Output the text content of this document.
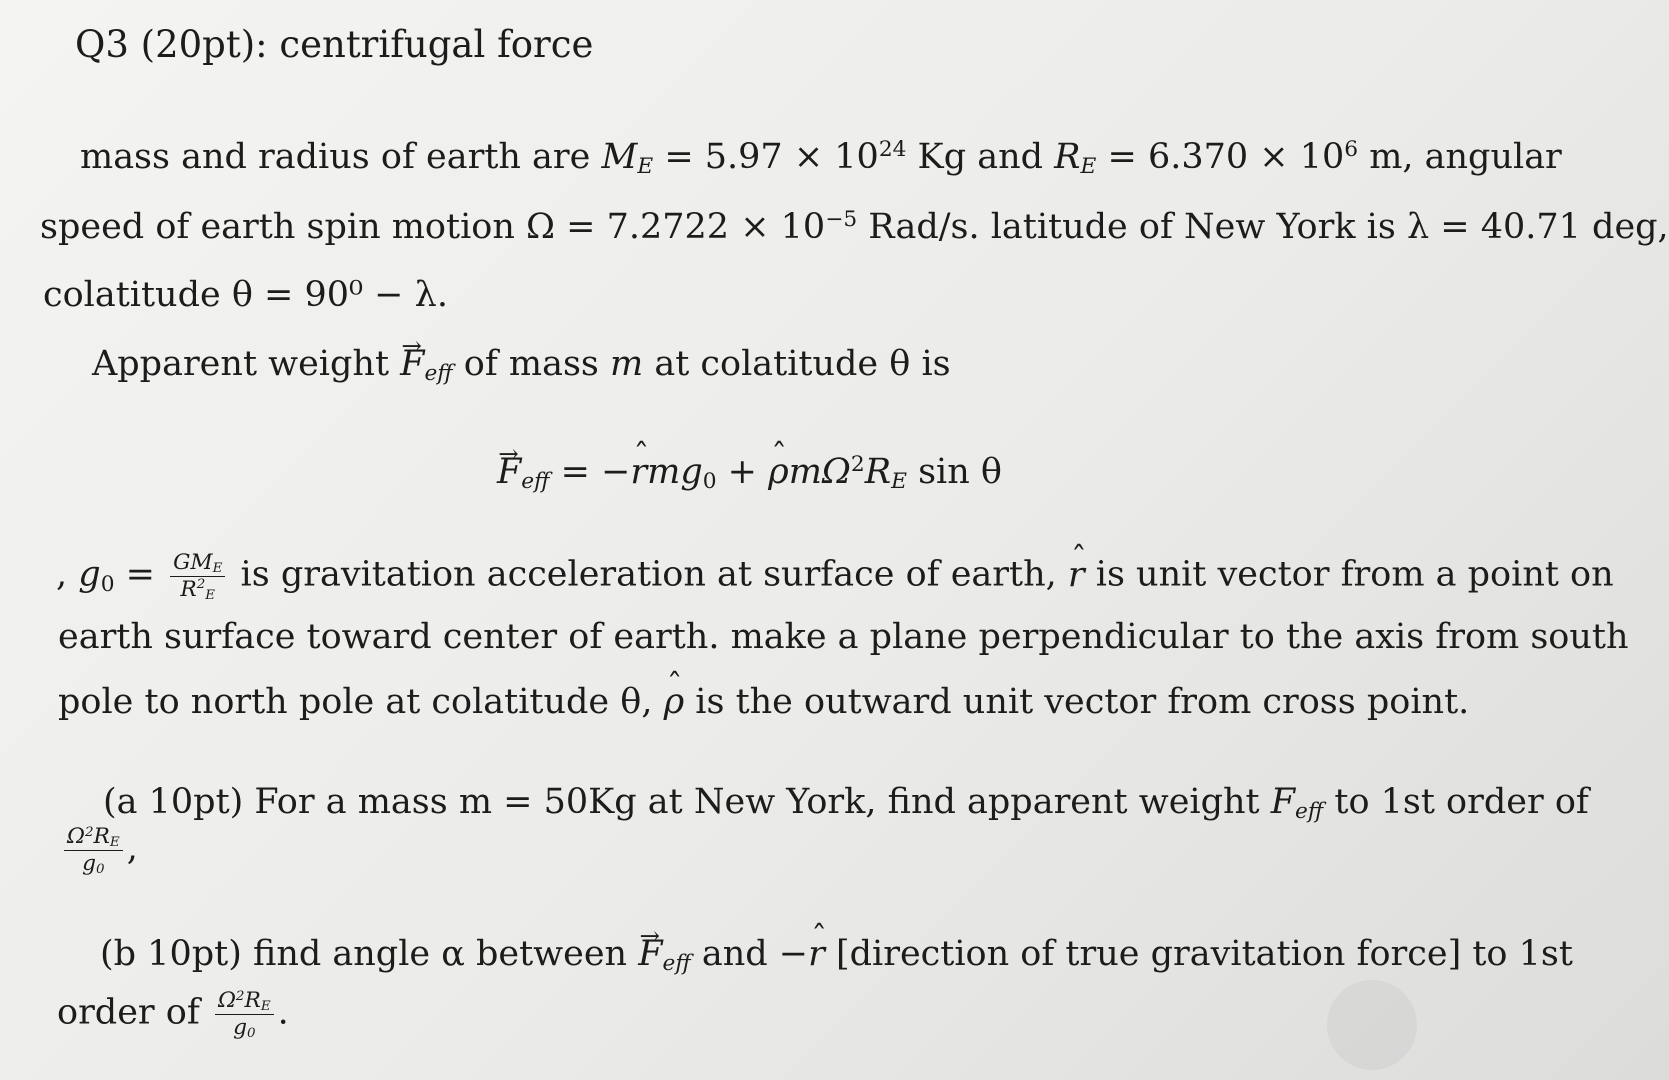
Q3 (20pt): centrifugal force
mass and radius of earth are $M_E = 5.97 \times 10^{24}$ Kg and $R_E = 6.370 \times 10^6$ m, angular
speed of earth spin motion $\Omega = 7.2722 \times 10^{-5}$ Rad/s. latitude of New York is λ = 40.71 deg,
colatitude θ = 90⁰ − λ.
Apparent weight → $F_{eff}$ of mass m at colatitude θ is
→ $F_{eff}$ = −ˆ rmg$_0$ + ˆ $\rho m\Omega^2R_E$ sin θ
, $g_0 = \frac{GM_E}{R^2_E}$ is gravitation acceleration at surface of earth, ˆ r is unit vector from a point on
earth surface toward center of earth. make a plane perpendicular to the axis from south
pole to north pole at colatitude θ, ˆ ρ is the outward unit vector from cross point.
(a 10pt) For a mass m = 50Kg at New York, find apparent weight $F_{eff}$ to 1st order of
$\frac{\Omega^2R_E}{g_0}$ ,
(b 10pt) find angle α between → $F_{eff}$ and −ˆ r [direction of true gravitation force] to 1st
order of $\frac{\Omega^2R_E}{g_0}$ .
